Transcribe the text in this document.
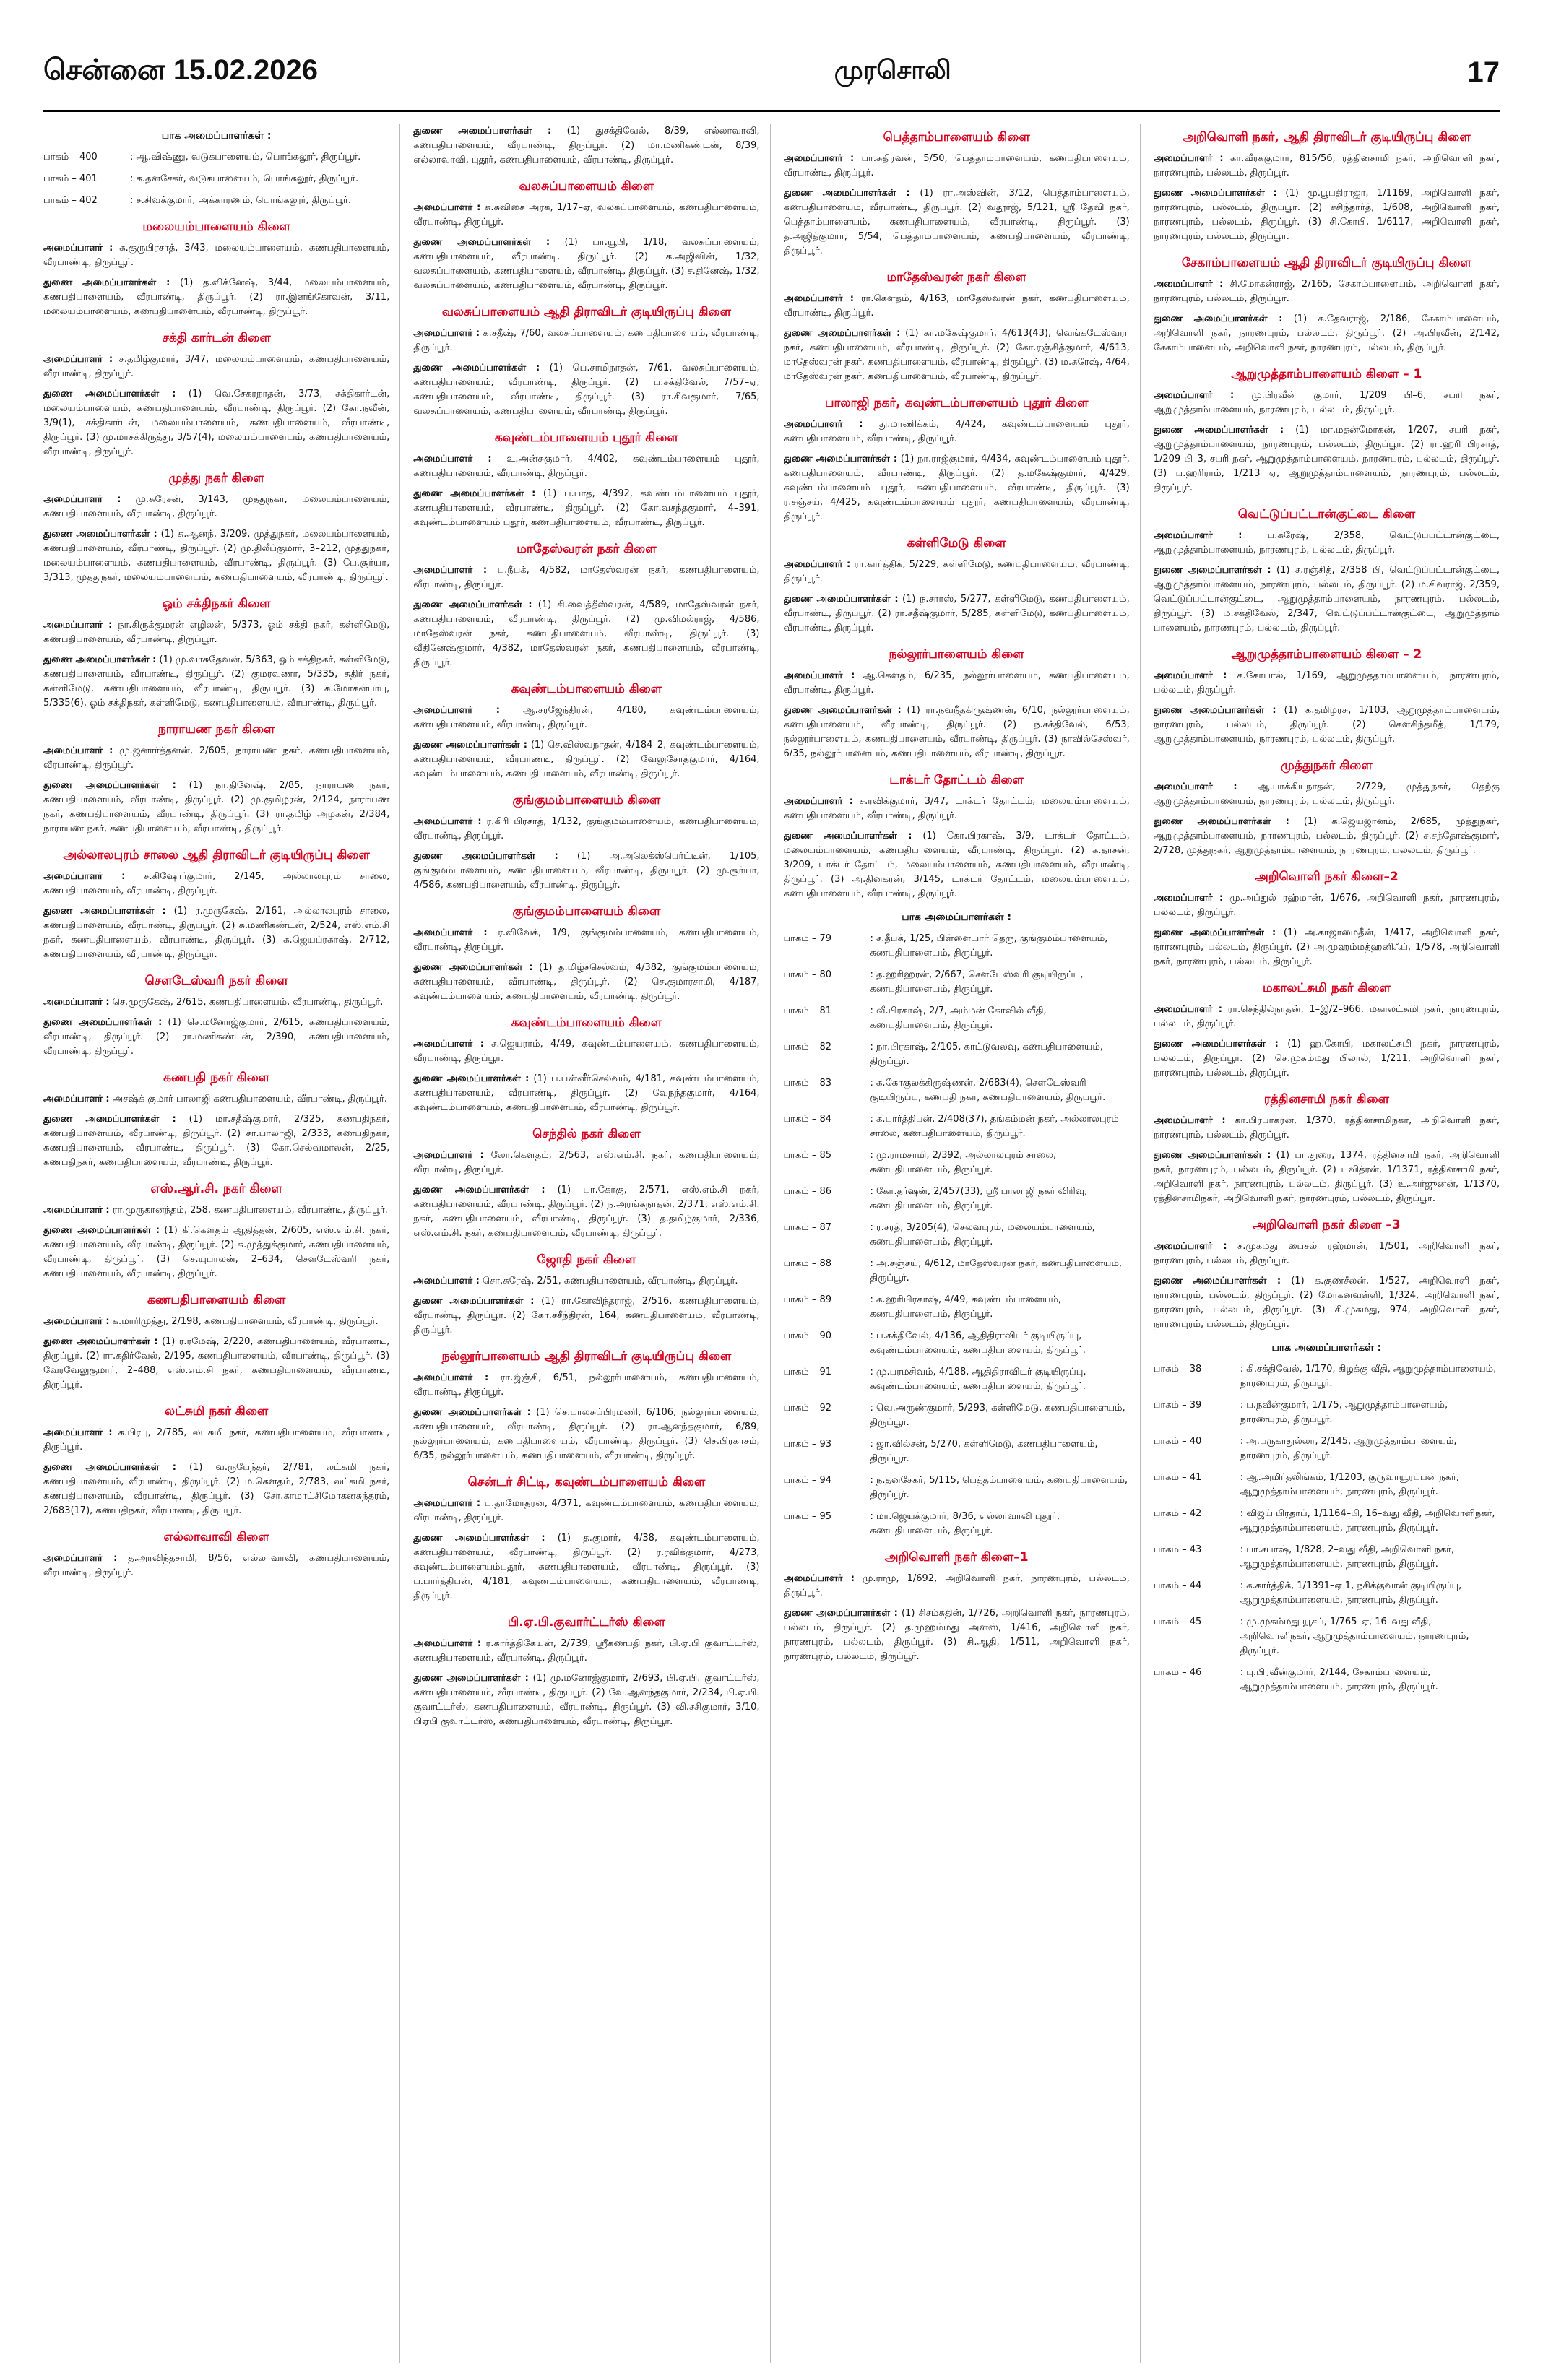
சென்னை 15.02.2026	முரசொலி	17
பாக அமைப்பாளர்கள் :
பாகம் – 400	: ஆ.விஷ்ணு, வடுகபாளையம், பொங்கலூர், திருப்பூர்.
பாகம் – 401	: க.தனசேகர், வடுகபாளையம், பொங்கலூர், திருப்பூர்.
பாகம் – 402	: ச.சிவக்குமார், அக்காரணம், பொங்கலூர், திருப்பூர்.
மலையம்பாளையம் கிளை

அமைப்பாளர் : க.குருபிரசாத், 3/43, மலையம்பாளையம், கணபதிபாளையம், வீரபாண்டி, திருப்பூர்.

துணை அமைப்பாளர்கள் : (1) த.விக்னேஷ், 3/44, மலையம்பாளையம், கணபதிபாளையம், வீரபாண்டி, திருப்பூர். (2) ரா.இளங்கோவன், 3/11, மலையம்பாளையம், கணபதிபாளையம், வீரபாண்டி, திருப்பூர்.

சக்தி கார்டன் கிளை

அமைப்பாளர் : ச.தமிழ்குமார், 3/47, மலையம்பாளையம், கணபதிபாளையம், வீரபாண்டி, திருப்பூர்.

துணை அமைப்பாளர்கள் : (1) வெ.சேகரநாதன், 3/73, சக்திகார்டன், மலையம்பாளையம், கணபதிபாளையம், வீரபாண்டி, திருப்பூர். (2) கோ.நவீன், 3/9(1), சக்திகார்டன், மலையம்பாளையம், கணபதிபாளையம், வீரபாண்டி, திருப்பூர். (3) மு.மாசக்கிருத்து, 3/57(4), மலையம்பாளையம், கணபதிபாளையம், வீரபாண்டி, திருப்பூர்.

முத்து நகர் கிளை

அமைப்பாளர் : மு.சுரேசன், 3/143, முத்துநகர், மலையம்பாளையம், கணபதிபாளையம், வீரபாண்டி, திருப்பூர்.

துணை அமைப்பாளர்கள் : (1) சு.ஆனந், 3/209, முத்துநகர், மலையம்பாளையம், கணபதிபாளையம், வீரபாண்டி, திருப்பூர். (2) மு.திலீப்குமார், 3–212, முத்துநகர், மலையம்பாளையம், கணபதிபாளையம், வீரபாண்டி, திருப்பூர். (3) பே.சூர்யா, 3/313, முத்துநகர், மலையம்பாளையம், கணபதிபாளையம், வீரபாண்டி, திருப்பூர்.

ஓம் சக்திநகர் கிளை

அமைப்பாளர் : நா.கிருக்குமரன் எழிலன், 5/373, ஓம் சக்தி நகர், கள்ளிமேடு, கணபதிபாளையம், வீரபாண்டி, திருப்பூர்.

துணை அமைப்பாளர்கள் : (1) மு.வாசுதேவன், 5/363, ஓம் சக்திநகர், கள்ளிமேடு, கணபதிபாளையம், வீரபாண்டி, திருப்பூர். (2) குமரவணா, 5/335, சுதிர் நகர், கள்ளிமேடு, கணபதிபாளையம், வீரபாண்டி, திருப்பூர். (3) சு.மோகன்பாபு, 5/335(6), ஓம் சக்திநகர், கள்ளிமேடு, கணபதிபாளையம், வீரபாண்டி, திருப்பூர்.

நாராயண நகர் கிளை

அமைப்பாளர் : மு.ஜனார்த்தனன், 2/605, நாராயண நகர், கணபதிபாளையம், வீரபாண்டி, திருப்பூர்.

துணை அமைப்பாளர்கள் : (1) நா.தினேஷ், 2/85, நாராயண நகர், கணபதிபாளையம், வீரபாண்டி, திருப்பூர். (2) மு.குமிழரன், 2/124, நாராயண நகர், கணபதிபாளையம், வீரபாண்டி, திருப்பூர். (3) ரா.தமிழ் அழகன், 2/384, நாராயண நகர், கணபதிபாளையம், வீரபாண்டி, திருப்பூர்.

அல்லாலபுரம் சாலை ஆதி திராவிடர் குடியிருப்பு கிளை

அமைப்பாளர் : ச.கிஷோர்குமார், 2/145, அல்லாலபுரம் சாலை, கணபதிபாளையம், வீரபாண்டி, திருப்பூர்.

துணை அமைப்பாளர்கள் : (1) ர.முருகேஷ், 2/161, அல்லாலபுரம் சாலை, கணபதிபாளையம், வீரபாண்டி, திருப்பூர். (2) சு.மணிகண்டன், 2/524, எஸ்.எம்.சி நகர், கணபதிபாளையம், வீரபாண்டி, திருப்பூர். (3) க.ஜெயப்ரகாஷ், 2/712, கணபதிபாளையம், வீரபாண்டி, திருப்பூர்.

சௌடேஸ்வரி நகர் கிளை

அமைப்பாளர் : செ.முருகேஷ், 2/615, கணபதிபாளையம், வீரபாண்டி, திருப்பூர்.

துணை அமைப்பாளர்கள் : (1) செ.மனோஜ்குமார், 2/615, கணபதிபாளையம், வீரபாண்டி, திருப்பூர். (2) ரா.மணிகண்டன், 2/390, கணபதிபாளையம், வீரபாண்டி, திருப்பூர்.

கணபதி நகர் கிளை

அமைப்பாளர் : அசஷ்க் குமார் பாலாஜி கணபதிபாளையம், வீரபாண்டி, திருப்பூர்.

துணை அமைப்பாளர்கள் : (1) மா.சதீஷ்குமார், 2/325, கணபதிநகர், கணபதிபாளையம், வீரபாண்டி, திருப்பூர். (2) சா.பாலாஜி, 2/333, கணபதிநகர், கணபதிபாளையம், வீரபாண்டி, திருப்பூர். (3) கோ.செல்வமாலன், 2/25, கணபதிநகர், கணபதிபாளையம், வீரபாண்டி, திருப்பூர்.

எஸ்.ஆர்.சி. நகர் கிளை

அமைப்பாளர் : ரா.முருகானந்தம், 258, கணபதிபாளையம், வீரபாண்டி, திருப்பூர்.

துணை அமைப்பாளர்கள் : (1) கி.கௌதம் ஆதித்தன், 2/605, எஸ்.எம்.சி. நகர், கணபதிபாளையம், வீரபாண்டி, திருப்பூர். (2) சு.முத்துக்குமார், கணபதிபாளையம், வீரபாண்டி, திருப்பூர். (3) செ.யுபாலன், 2–634, சௌடேஸ்வரி நகர், கணபதிபாளையம், வீரபாண்டி, திருப்பூர்.

கணபதிபாளையம் கிளை

அமைப்பாளர் : க.மாரிமுத்து, 2/198, கணபதிபாளையம், வீரபாண்டி, திருப்பூர்.

துணை அமைப்பாளர்கள் : (1) ர.ரமேஷ், 2/220, கணபதிபாளையம், வீரபாண்டி, திருப்பூர். (2) ரா.கதிர்வேல், 2/195, கணபதிபாளையம், வீரபாண்டி, திருப்பூர். (3) வேரவேலுகுமார், 2–488, எஸ்.எம்.சி நகர், கணபதிபாளையம், வீரபாண்டி, திருப்பூர்.

லட்சுமி நகர் கிளை

அமைப்பாளர் : சு.பிரபு, 2/785, லட்சுமி நகர், கணபதிபாளையம், வீரபாண்டி, திருப்பூர்.

துணை அமைப்பாளர்கள் : (1) வ.ருபேந்தர், 2/781, லட்சுமி நகர், கணபதிபாளையம், வீரபாண்டி, திருப்பூர். (2) ம.கௌதம், 2/783, லட்சுமி நகர், கணபதிபாளையம், வீரபாண்டி, திருப்பூர். (3) சோ.காமாட்சிமோகனசுந்தரம், 2/683(17), கணபதிநகர், வீரபாண்டி, திருப்பூர்.

எல்லாவாவி கிளை

அமைப்பாளர் : த.அரவிந்தசாமி, 8/56, எல்லாவாவி, கணபதிபாளையம், வீரபாண்டி, திருப்பூர்.

துணை அமைப்பாளர்கள் : (1) துசக்திவேல், 8/39, எல்லாவாவி, கணபதிபாளையம், வீரபாண்டி, திருப்பூர். (2) மா.மணிகண்டன், 8/39, எல்லாவாவி, புதூர், கணபதிபாளையம், வீரபாண்டி, திருப்பூர்.

வலசுப்பாளையம் கிளை

அமைப்பாளர் : சு.சுவிசை அரசு, 1/17–ஏ, வலசுப்பாளையம், கணபதிபாளையம், வீரபாண்டி, திருப்பூர்.

துணை அமைப்பாளர்கள் : (1) பா.யூபி, 1/18, வலசுப்பாளையம், கணபதிபாளையம், வீரபாண்டி, திருப்பூர். (2) க.அஜிவின், 1/32, வலசுப்பாளையம், கணபதிபாளையம், வீரபாண்டி, திருப்பூர். (3) ச.தினேஷ், 1/32, வலசுப்பாளையம், கணபதிபாளையம், வீரபாண்டி, திருப்பூர்.

வலசுப்பாளையம் ஆதி திராவிடர் குடியிருப்பு கிளை

அமைப்பாளர் : க.சதீஷ், 7/60, வலசுப்பாளையம், கணபதிபாளையம், வீரபாண்டி, திருப்பூர்.

துணை அமைப்பாளர்கள் : (1) பெ.சாமிநாதன், 7/61, வலசுப்பாளையம், கணபதிபாளையம், வீரபாண்டி, திருப்பூர். (2) ப.சக்திவேல், 7/57–ஏ, கணபதிபாளையம், வீரபாண்டி, திருப்பூர். (3) ரா.சிவகுமார், 7/65, வலசுப்பாளையம், கணபதிபாளையம், வீரபாண்டி, திருப்பூர்.

கவுண்டம்பாளையம் புதூர் கிளை

அமைப்பாளர் : உ.அன்சுகுமார், 4/402, கவுண்டம்பாளையம் புதூர், கணபதிபாளையம், வீரபாண்டி, திருப்பூர்.

துணை அமைப்பாளர்கள் : (1) ப.பாத், 4/392, கவுண்டம்பாளையம் புதூர், கணபதிபாளையம், வீரபாண்டி, திருப்பூர். (2) கோ.வசந்தகுமார், 4–391, கவுண்டம்பாளையம் புதூர், கணபதிபாளையம், வீரபாண்டி, திருப்பூர்.

மாதேஸ்வரன் நகர் கிளை

அமைப்பாளர் : ப.நீபக், 4/582, மாதேஸ்வரன் நகர், கணபதிபாளையம், வீரபாண்டி, திருப்பூர்.

துணை அமைப்பாளர்கள் : (1) சி.வைத்தீஸ்வரன், 4/589, மாதேஸ்வரன் நகர், கணபதிபாளையம், வீரபாண்டி, திருப்பூர். (2) மு.விமல்ராஜ், 4/586, மாதேஸ்வரன் நகர், கணபதிபாளையம், வீரபாண்டி, திருப்பூர். (3) வீதினேஷ்குமார், 4/382, மாதேஸ்வரன் நகர், கணபதிபாளையம், வீரபாண்டி, திருப்பூர்.

கவுண்டம்பாளையம் கிளை

அமைப்பாளர் : ஆ.சரஜேந்திரன், 4/180, கவுண்டம்பாளையம், கணபதிபாளையம், வீரபாண்டி, திருப்பூர்.

துணை அமைப்பாளர்கள் : (1) செ.விஸ்வநாதன், 4/184–2, கவுண்டம்பாளையம், கணபதிபாளையம், வீரபாண்டி, திருப்பூர். (2) வேலுசோத்குமார், 4/164, கவுண்டம்பாளையம், கணபதிபாளையம், வீரபாண்டி, திருப்பூர்.

குங்குமம்பாளையம் கிளை

அமைப்பாளர் : ர.கிரி பிரசாத், 1/132, குங்குமம்பாளையம், கணபதிபாளையம், வீரபாண்டி, திருப்பூர்.

துணை அமைப்பாளர்கள் : (1) அ.அலெக்ஸ்பெர்ட்டின், 1/105, குங்குமம்பாளையம், கணபதிபாளையம், வீரபாண்டி, திருப்பூர். (2) மு.சூர்யா, 4/586, கணபதிபாளையம், வீரபாண்டி, திருப்பூர்.

குங்குமம்பாளையம் கிளை

அமைப்பாளர் : ர.விவேக், 1/9, குங்குமம்பாளையம், கணபதிபாளையம், வீரபாண்டி, திருப்பூர்.

துணை அமைப்பாளர்கள் : (1) த.மிழ்ச்செல்வம், 4/382, குங்குமம்பாளையம், கணபதிபாளையம், வீரபாண்டி, திருப்பூர். (2) செ.குமாரசாமி, 4/187, கவுண்டம்பாளையம், கணபதிபாளையம், வீரபாண்டி, திருப்பூர்.

கவுண்டம்பாளையம் கிளை

அமைப்பாளர் : ச.ஜெயராம், 4/49, கவுண்டம்பாளையம், கணபதிபாளையம், வீரபாண்டி, திருப்பூர்.

துணை அமைப்பாளர்கள் : (1) ப.பன்னீர்செல்வம், 4/181, கவுண்டம்பாளையம், கணபதிபாளையம், வீரபாண்டி, திருப்பூர். (2) வேநந்தகுமார், 4/164, கவுண்டம்பாளையம், கணபதிபாளையம், வீரபாண்டி, திருப்பூர்.

செந்தில் நகர் கிளை

அமைப்பாளர் : லோ.கௌதம், 2/563, எஸ்.எம்.சி. நகர், கணபதிபாளையம், வீரபாண்டி, திருப்பூர்.

துணை அமைப்பாளர்கள் : (1) பா.கோகு, 2/571, எஸ்.எம்.சி நகர், கணபதிபாளையம், வீரபாண்டி, திருப்பூர். (2) ந.அரங்கநாதன், 2/371, எஸ்.எம்.சி. நகர், கணபதிபாளையம், வீரபாண்டி, திருப்பூர். (3) த.தமிழ்குமார், 2/336, எஸ்.எம்.சி. நகர், கணபதிபாளையம், வீரபாண்டி, திருப்பூர்.

ஜோதி நகர் கிளை

அமைப்பாளர் : சொ.சுரேஷ், 2/51, கணபதிபாளையம், வீரபாண்டி, திருப்பூர்.

துணை அமைப்பாளர்கள் : (1) ரா.கோவிந்தராஜ், 2/516, கணபதிபாளையம், வீரபாண்டி, திருப்பூர். (2) கோ.சசீந்திரன், 164, கணபதிபாளையம், வீரபாண்டி, திருப்பூர்.

நல்லூர்பாளையம் ஆதி திராவிடர் குடியிருப்பு கிளை

அமைப்பாளர் : ரா.ஜ்ஞ்சி, 6/51, நல்லூர்பாளையம், கணபதிபாளையம், வீரபாண்டி, திருப்பூர்.

துணை அமைப்பாளர்கள் : (1) செ.பாலசுப்பிரமணி, 6/106, நல்லூர்பாளையம், கணபதிபாளையம், வீரபாண்டி, திருப்பூர். (2) ரா.ஆனந்தகுமார், 6/89, நல்லூர்பாளையம், கணபதிபாளையம், வீரபாண்டி, திருப்பூர். (3) செ.பிரகாசம், 6/35, நல்லூர்பாளையம், கணபதிபாளையம், வீரபாண்டி, திருப்பூர்.

சென்டர் சிட்டி, கவுண்டம்பாளையம் கிளை

அமைப்பாளர் : ப.தாமோதரன், 4/371, கவுண்டம்பாளையம், கணபதிபாளையம், வீரபாண்டி, திருப்பூர்.

துணை அமைப்பாளர்கள் : (1) த.குமார், 4/38, கவுண்டம்பாளையம், கணபதிபாளையம், வீரபாண்டி, திருப்பூர். (2) ர.ரவிக்குமார், 4/273, கவுண்டம்பாளையம்புதூர், கணபதிபாளையம், வீரபாண்டி, திருப்பூர். (3) ப.பார்த்திபன், 4/181, கவுண்டம்பாளையம், கணபதிபாளையம், வீரபாண்டி, திருப்பூர்.

பி.ஏ.பி.குவார்ட்டர்ஸ் கிளை

அமைப்பாளர் : ர.கார்த்திகேயன், 2/739, ஸ்ரீகணபதி நகர், பி.ஏ.பி குவாட்டர்ஸ், கணபதிபாளையம், வீரபாண்டி, திருப்பூர்.

துணை அமைப்பாளர்கள் : (1) மு.மனோஜ்குமார், 2/693, பி.ஏ.பி. குவாட்டர்ஸ், கணபதிபாளையம், வீரபாண்டி, திருப்பூர். (2) வே.ஆனந்தகுமார், 2/234, பி.ஏ.பி. குவாட்டர்ஸ், கணபதிபாளையம், வீரபாண்டி, திருப்பூர். (3) வி.சசிகுமார், 3/10, பிஏபி குவாட்டர்ஸ், கணபதிபாளையம், வீரபாண்டி, திருப்பூர்.

பெத்தாம்பாளையம் கிளை

அமைப்பாளர் : பா.சுதிரவன், 5/50, பெத்தாம்பாளையம், கணபதிபாளையம், வீரபாண்டி, திருப்பூர்.

துணை அமைப்பாளர்கள் : (1) ரா.அஸ்வின், 3/12, பெத்தாம்பாளையம், கணபதிபாளையம், வீரபாண்டி, திருப்பூர். (2) வதூர்ஜ், 5/121, ஸ்ரீ தேவி நகர், பெத்தாம்பாளையம், கணபதிபாளையம், வீரபாண்டி, திருப்பூர். (3) த.அஜித்குமார், 5/54, பெத்தாம்பாளையம், கணபதிபாளையம், வீரபாண்டி, திருப்பூர்.

மாதேஸ்வரன் நகர் கிளை

அமைப்பாளர் : ரா.கௌதம், 4/163, மாதேஸ்வரன் நகர், கணபதிபாளையம், வீரபாண்டி, திருப்பூர்.

துணை அமைப்பாளர்கள் : (1) கா.மகேஷ்குமார், 4/613(43), வெங்கடேஸ்வரா நகர், கணபதிபாளையம், வீரபாண்டி, திருப்பூர். (2) கோ.ரஞ்சித்குமார், 4/613, மாதேஸ்வரன் நகர், கணபதிபாளையம், வீரபாண்டி, திருப்பூர். (3) ம.சுரேஷ், 4/64, மாதேஸ்வரன் நகர், கணபதிபாளையம், வீரபாண்டி, திருப்பூர்.

பாலாஜி நகர், கவுண்டம்பாளையம் புதூர் கிளை

அமைப்பாளர் : து.மாணிக்கம், 4/424, கவுண்டம்பாளையம் புதூர், கணபதிபாளையம், வீரபாண்டி, திருப்பூர்.

துணை அமைப்பாளர்கள் : (1) நா.ராஜ்குமார், 4/434, கவுண்டம்பாளையம் புதூர், கணபதிபாளையம், வீரபாண்டி, திருப்பூர். (2) த.மகேஷ்குமார், 4/429, கவுண்டம்பாளையம் புதூர், கணபதிபாளையம், வீரபாண்டி, திருப்பூர். (3) ர.சஞ்சய், 4/425, கவுண்டம்பாளையம் புதூர், கணபதிபாளையம், வீரபாண்டி, திருப்பூர்.

கள்ளிமேடு கிளை

அமைப்பாளர் : ரா.கார்த்திக், 5/229, கள்ளிமேடு, கணபதிபாளையம், வீரபாண்டி, திருப்பூர்.

துணை அமைப்பாளர்கள் : (1) ந.சாாஸ், 5/277, கள்ளிமேடு, கணபதிபாளையம், வீரபாண்டி, திருப்பூர். (2) ரா.சதீஷ்குமார், 5/285, கள்ளிமேடு, கணபதிபாளையம், வீரபாண்டி, திருப்பூர்.

நல்லூர்பாளையம் கிளை

அமைப்பாளர் : ஆ.கௌதம், 6/235, நல்லூர்பாளையம், கணபதிபாளையம், வீரபாண்டி, திருப்பூர்.

துணை அமைப்பாளர்கள் : (1) ரா.நவநீதகிருஷ்ணன், 6/10, நல்லூர்பாளையம், கணபதிபாளையம், வீரபாண்டி, திருப்பூர். (2) ந.சக்திவேல், 6/53, நல்லூர்பாளையம், கணபதிபாளையம், வீரபாண்டி, திருப்பூர். (3) நாவில்சேஸ்வர், 6/35, நல்லூர்பாளையம், கணபதிபாளையம், வீரபாண்டி, திருப்பூர்.

டாக்டர் தோட்டம் கிளை

அமைப்பாளர் : ச.ரவிக்குமார், 3/47, டாக்டர் தோட்டம், மலையம்பாளையம், கணபதிபாளையம், வீரபாண்டி, திருப்பூர்.

துணை அமைப்பாளர்கள் : (1) கோ.பிரகாஷ், 3/9, டாக்டர் தோட்டம், மலையம்பாளையம், கணபதிபாளையம், வீரபாண்டி, திருப்பூர். (2) க.தர்சன், 3/209, டாக்டர் தோட்டம், மலையம்பாளையம், கணபதிபாளையம், வீரபாண்டி, திருப்பூர். (3) அ.தினகரன், 3/145, டாக்டர் தோட்டம், மலையம்பாளையம், கணபதிபாளையம், வீரபாண்டி, திருப்பூர்.

பாக அமைப்பாளர்கள் :
பாகம் – 79	: ச.தீபக், 1/25, பிள்ளையார் தெரு, குங்குமம்பாளையம், கணபதிபாளையம், திருப்பூர்.
பாகம் – 80	: த.ஹரிஹரன், 2/667, சௌடேஸ்வரி குடியிருப்பு, கணபதிபாளையம், திருப்பூர்.
பாகம் – 81	: வீ.பிரகாஷ், 2/7, அம்மன் கோவில் வீதி, கணபதிபாளையம், திருப்பூர்.
பாகம் – 82	: நா.பிரகாஷ், 2/105, காட்டுவலவு, கணபதிபாளையம், திருப்பூர்.
பாகம் – 83	: க.கோகுலக்கிருஷ்ணன், 2/683(4), சௌடேஸ்வரி குடியிருப்பு, கணபதி நகர், கணபதிபாளையம், திருப்பூர்.
பாகம் – 84	: க.பார்த்திபன், 2/408(37), தங்கம்மன் நகர், அல்லாலபுரம் சாலை, கணபதிபாளையம், திருப்பூர்.
பாகம் – 85	: மு.ராமசாமி, 2/392, அல்லாலபுரம் சாலை, கணபதிபாளையம், திருப்பூர்.
பாகம் – 86	: கோ.தர்ஷன், 2/457(33), ஸ்ரீ பாலாஜி நகர் விரிவு, கணபதிபாளையம், திருப்பூர்.
பாகம் – 87	: ர.சரத், 3/205(4), செல்வபுரம், மலையம்பாளையம், கணபதிபாளையம், திருப்பூர்.
பாகம் – 88	: அ.சஞ்சய், 4/612, மாதேஸ்வரன் நகர், கணபதிபாளையம், திருப்பூர்.
பாகம் – 89	: க.ஹரிபிரகாஷ், 4/49, கவுண்டம்பாளையம், கணபதிபாளையம், திருப்பூர்.
பாகம் – 90	: ப.சக்திவேல், 4/136, ஆதிதிராவிடர் குடியிருப்பு, கவுண்டம்பாளையம், கணபதிபாளையம், திருப்பூர்.
பாகம் – 91	: மு.பரமசிவம், 4/188, ஆதிதிராவிடர் குடியிருப்பு, கவுண்டம்பாளையம், கணபதிபாளையம், திருப்பூர்.
பாகம் – 92	: வெ.அருண்குமார், 5/293, கள்ளிமேடு, கணபதிபாளையம், திருப்பூர்.
பாகம் – 93	: ஜா.வில்சன், 5/270, கள்ளிமேடு, கணபதிபாளையம், திருப்பூர்.
பாகம் – 94	: ந.தனசேகர், 5/115, பெத்தம்பாளையம், கணபதிபாளையம், திருப்பூர்.
பாகம் – 95	: மா.ஜெயக்குமார், 8/36, எல்லாவாவி புதூர், கணபதிபாளையம், திருப்பூர்.
அறிவொளி நகர் கிளை–1

அமைப்பாளர் : மு.ராமு, 1/692, அறிவொளி நகர், நாரணபுரம், பல்லடம், திருப்பூர்.

துணை அமைப்பாளர்கள் : (1) சிசம்சுதின், 1/726, அறிவொளி நகர், நாரணபுரம், பல்லடம், திருப்பூர். (2) த.முஹம்மது அனஸ், 1/416, அறிவொளி நகர், நாரணபுரம், பல்லடம், திருப்பூர். (3) சி.ஆதி, 1/511, அறிவொளி நகர், நாரணபுரம், பல்லடம், திருப்பூர்.

அறிவொளி நகர், ஆதி திராவிடர் குடியிருப்பு கிளை

அமைப்பாளர் : கா.வீரக்குமார், 815/56, ரத்தினசாமி நகர், அறிவொளி நகர், நாரணபுரம், பல்லடம், திருப்பூர்.

துணை அமைப்பாளர்கள் : (1) மு.பூபதிராஜா, 1/1169, அறிவொளி நகர், நாரணபுரம், பல்லடம், திருப்பூர். (2) சசிந்தார்த், 1/608, அறிவொளி நகர், நாரணபுரம், பல்லடம், திருப்பூர். (3) சி.கோபி, 1/6117, அறிவொளி நகர், நாரணபுரம், பல்லடம், திருப்பூர்.

சேகாம்பாளையம் ஆதி திராவிடர் குடியிருப்பு கிளை

அமைப்பாளர் : சி.மோகன்ராஜ், 2/165, சேகாம்பாளையம், அறிவொளி நகர், நாரணபுரம், பல்லடம், திருப்பூர்.

துணை அமைப்பாளர்கள் : (1) க.தேவராஜ், 2/186, சேகாம்பாளையம், அறிவொளி நகர், நாரணபுரம், பல்லடம், திருப்பூர். (2) அ.பிரவீன், 2/142, சேகாம்பாளையம், அறிவொளி நகர், நாரணபுரம், பல்லடம், திருப்பூர்.

ஆறுமுத்தாம்பாளையம் கிளை – 1

அமைப்பாளர் : மு.பிரவீன் குமார், 1/209 பி–6, சபரி நகர், ஆறுமுத்தாம்பாளையம், நாரணபுரம், பல்லடம், திருப்பூர்.

துணை அமைப்பாளர்கள் : (1) மா.மதன்மோகன், 1/207, சபரி நகர், ஆறுமுத்தாம்பாளையம், நாரணபுரம், பல்லடம், திருப்பூர். (2) ரா.ஹரி பிரசாத், 1/209 பி–3, சபரி நகர், ஆறுமுத்தாம்பாளையம், நாரணபுரம், பல்லடம், திருப்பூர். (3) ப.ஹரிராம், 1/213 ஏ, ஆறுமுத்தாம்பாளையம், நாரணபுரம், பல்லடம், திருப்பூர்.

வெட்டுப்பட்டான்குட்டை கிளை

அமைப்பாளர் : ப.சுரேஷ், 2/358, வெட்டுப்பட்டான்குட்டை, ஆறுமுத்தாம்பாளையம், நாரணபுரம், பல்லடம், திருப்பூர்.

துணை அமைப்பாளர்கள் : (1) ச.ரஞ்சித், 2/358 பி, வெட்டுப்பட்டான்குட்டை, ஆறுமுத்தாம்பாளையம், நாரணபுரம், பல்லடம், திருப்பூர். (2) ம.சிவராஜ், 2/359, வெட்டுப்பட்டான்குட்டை, ஆறுமுத்தாம்பாளையம், நாரணபுரம், பல்லடம், திருப்பூர். (3) ம.சக்திவேல், 2/347, வெட்டுப்பட்டான்குட்டை, ஆறுமுத்தாம் பாளையம், நாரணபுரம், பல்லடம், திருப்பூர்.

ஆறுமுத்தாம்பாளையம் கிளை – 2

அமைப்பாளர் : க.கோபால், 1/169, ஆறுமுத்தாம்பாளையம், நாரணபுரம், பல்லடம், திருப்பூர்.

துணை அமைப்பாளர்கள் : (1) க.தமிழரசு, 1/103, ஆறுமுத்தாம்பாளையம், நாரணபுரம், பல்லடம், திருப்பூர். (2) கௌசிந்தமீத், 1/179, ஆறுமுத்தாம்பாளையம், நாரணபுரம், பல்லடம், திருப்பூர்.

முத்துநகர் கிளை

அமைப்பாளர் : ஆ.பாக்கியநாதன், 2/729, முத்துநகர், தெற்கு ஆறுமுத்தாம்பாளையம், நாரணபுரம், பல்லடம், திருப்பூர்.

துணை அமைப்பாளர்கள் : (1) க.ஜெயஜானம், 2/685, முத்துநகர், ஆறுமுத்தாம்பாளையம், நாரணபுரம், பல்லடம், திருப்பூர். (2) ச.சந்தோஷ்குமார், 2/728, முத்துநகர், ஆறுமுத்தாம்பாளையம், நாரணபுரம், பல்லடம், திருப்பூர்.

அறிவொளி நகர் கிளை–2

அமைப்பாளர் : மு.அப்துல் ரஹ்மான், 1/676, அறிவொளி நகர், நாரணபுரம், பல்லடம், திருப்பூர்.

துணை அமைப்பாளர்கள் : (1) அ.காஜாமைதீன், 1/417, அறிவொளி நகர், நாரணபுரம், பல்லடம், திருப்பூர். (2) அ.முஹம்மத்ஹனிஃப், 1/578, அறிவொளி நகர், நாரணபுரம், பல்லடம், திருப்பூர்.

மகாலட்சுமி நகர் கிளை

அமைப்பாளர் : ரா.செந்தில்நாதன், 1–இ/2–966, மகாலட்சுமி நகர், நாரணபுரம், பல்லடம், திருப்பூர்.

துணை அமைப்பாளர்கள் : (1) ஹ.கோபி, மகாலட்சுமி நகர், நாரணபுரம், பல்லடம், திருப்பூர். (2) செ.முகம்மது பிலால், 1/211, அறிவொளி நகர், நாரணபுரம், பல்லடம், திருப்பூர்.

ரத்தினசாமி நகர் கிளை

அமைப்பாளர் : கா.பிரபாகரன், 1/370, ரத்தினசாமிநகர், அறிவொளி நகர், நாரணபுரம், பல்லடம், திருப்பூர்.

துணை அமைப்பாளர்கள் : (1) பா.துரை, 1374, ரத்தினசாமி நகர், அறிவொளி நகர், நாரணபுரம், பல்லடம், திருப்பூர். (2) பவித்ரன், 1/1371, ரத்தினசாமி நகர், அறிவொளி நகர், நாரணபுரம், பல்லடம், திருப்பூர். (3) உ.அர்ஜுனன், 1/1370, ரத்தினசாமிநகர், அறிவொளி நகர், நாரணபுரம், பல்லடம், திருப்பூர்.

அறிவொளி நகர் கிளை –3

அமைப்பாளர் : ச.முகமது பைசல் ரஹ்மான், 1/501, அறிவொளி நகர், நாரணபுரம், பல்லடம், திருப்பூர்.

துணை அமைப்பாளர்கள் : (1) க.குணசீலன், 1/527, அறிவொளி நகர், நாரணபுரம், பல்லடம், திருப்பூர். (2) மோகனவள்ளி, 1/324, அறிவொளி நகர், நாரணபுரம், பல்லடம், திருப்பூர். (3) சி.முகமது, 974, அறிவொளி நகர், நாரணபுரம், பல்லடம், திருப்பூர்.

பாக அமைப்பாளர்கள் :
பாகம் – 38	: கி.சக்திவேல், 1/170, கிழக்கு வீதி, ஆறுமுத்தாம்பாளையம், நாரணபுரம், திருப்பூர்.
பாகம் – 39	: ப.நவீன்குமார், 1/175, ஆறுமுத்தாம்பாளையம், நாரணபுரம், திருப்பூர்.
பாகம் – 40	: அ.பருகாதுல்லா, 2/145, ஆறுமுத்தாம்பாளையம், நாரணபுரம், திருப்பூர்.
பாகம் – 41	: ஆ.அமிர்தலிங்கம், 1/1203, குருவாயூரப்பன் நகர், ஆறுமுத்தாம்பாளையம், நாரணபுரம், திருப்பூர்.
பாகம் – 42	: விஜய் பிரதாப், 1/1164–பி, 16–வது வீதி, அறிவொளிநகர், ஆறுமுத்தாம்பாளையம், நாரணபுரம், திருப்பூர்.
பாகம் – 43	: பா.சபாஷ், 1/828, 2–வது வீதி, அறிவொளி நகர், ஆறுமுத்தாம்பாளையம், நாரணபுரம், திருப்பூர்.
பாகம் – 44	: க.கார்த்திக், 1/1391–ஏ 1, நசிக்குவான் குடியிருப்பு, ஆறுமுத்தாம்பாளையம், நாரணபுரம், திருப்பூர்.
பாகம் – 45	: மு.முகம்மது யூசப், 1/765–ஏ, 16–வது வீதி, அறிவொளிநகர், ஆறுமுத்தாம்பாளையம், நாரணபுரம், திருப்பூர்.
பாகம் – 46	: பு.பிரவீன்குமார், 2/144, சேகாம்பாளையம், ஆறுமுத்தாம்பாளையம், நாரணபுரம், திருப்பூர்.
